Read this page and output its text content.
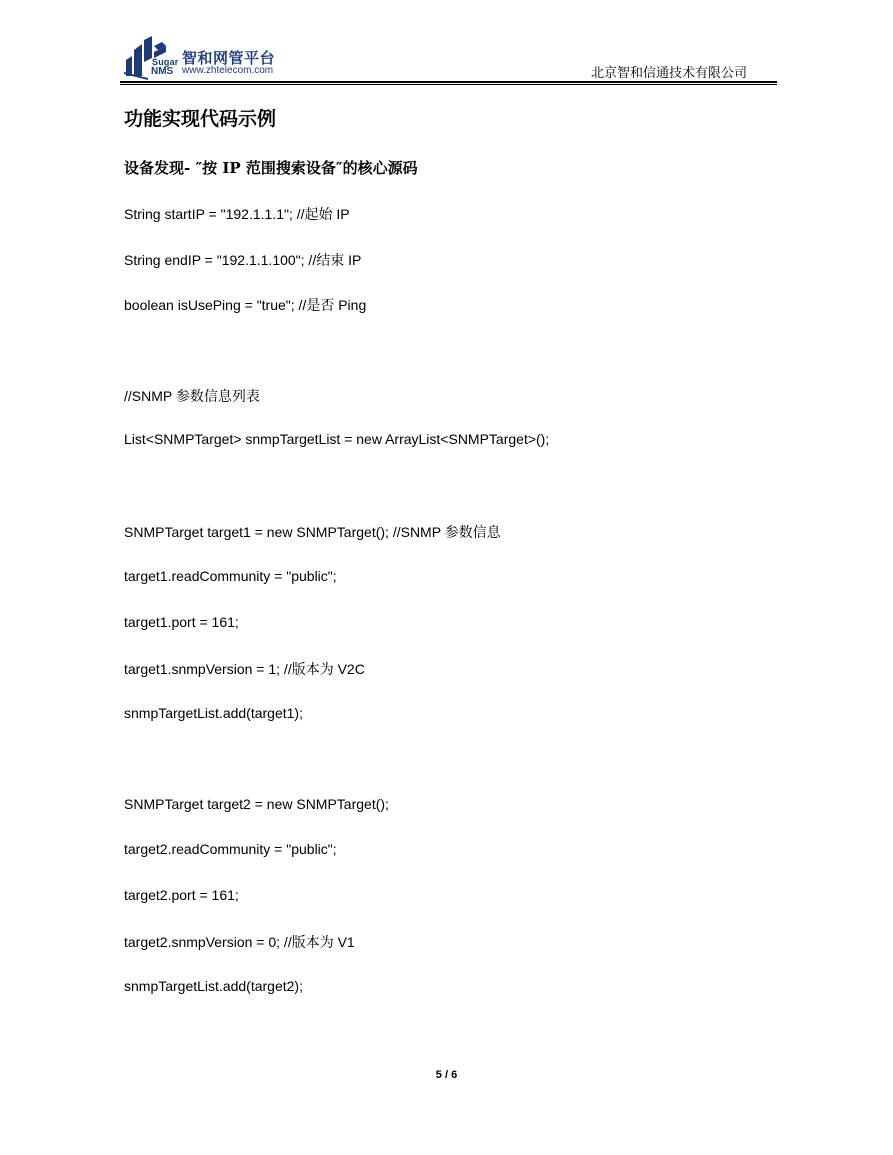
Sugar
NMS
智和网管平台
www.zhtelecom.com	北京智和信通技术有限公司
功能实现代码示例
设备发现- ″按 IP 范围搜索设备″的核心源码
String startIP = "192.1.1.1"; //起始 IP
String endIP = "192.1.1.100"; //结束 IP
boolean isUsePing = "true"; //是否 Ping
//SNMP 参数信息列表
List<SNMPTarget> snmpTargetList = new ArrayList<SNMPTarget>();
SNMPTarget target1 = new SNMPTarget(); //SNMP 参数信息
target1.readCommunity = "public";
target1.port = 161;
target1.snmpVersion = 1; //版本为 V2C
snmpTargetList.add(target1);
SNMPTarget target2 = new SNMPTarget();
target2.readCommunity = "public";
target2.port = 161;
target2.snmpVersion = 0; //版本为 V1
snmpTargetList.add(target2);
5 / 6
